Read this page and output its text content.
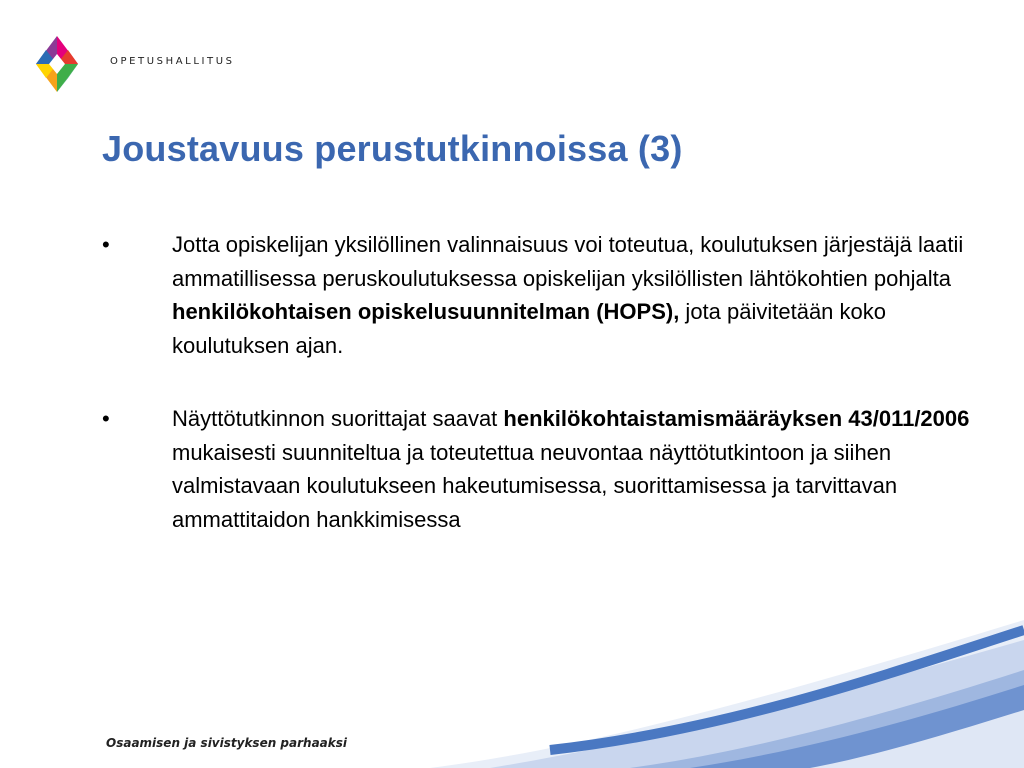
OPETUSHALLITUS
Joustavuus perustutkinnoissa (3)
•	Jotta opiskelijan yksilöllinen valinnaisuus voi toteutua, koulutuksen järjestäjä laatii ammatillisessa peruskoulutuksessa opiskelijan yksilöllisten lähtökohtien pohjalta henkilökohtaisen opiskelusuunnitelman (HOPS), jota päivitetään koko koulutuksen ajan.
•	Näyttötutkinnon suorittajat saavat henkilökohtaistamismääräyksen 43/011/2006 mukaisesti suunniteltua ja toteutettua neuvontaa näyttötutkintoon ja siihen valmistavaan koulutukseen hakeutumisessa, suorittamisessa ja tarvittavan ammattitaidon hankkimisessa
Osaamisen ja sivistyksen parhaaksi
